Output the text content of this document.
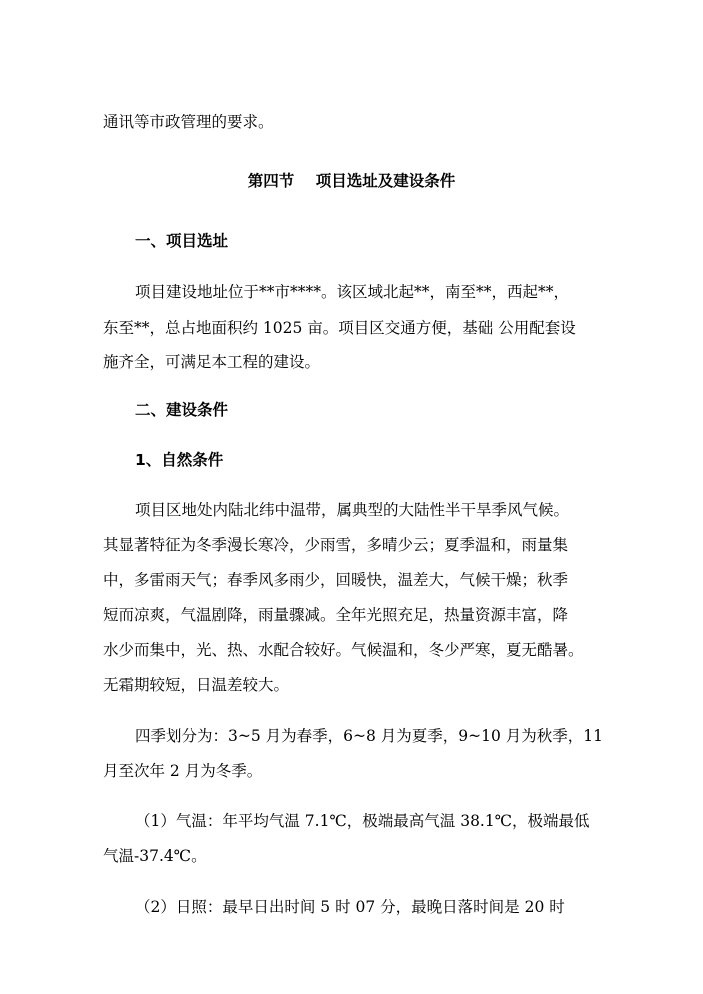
通讯等市政管理的要求。
第四节    项目选址及建设条件
一、项目选址
项目建设地址位于**市****。该区域北起**，南至**，西起**，
东至**，总占地面积约 1025 亩。项目区交通方便，基础 公用配套设
施齐全，可满足本工程的建设。
二、建设条件
1、自然条件
项目区地处内陆北纬中温带，属典型的大陆性半干旱季风气候。
其显著特征为冬季漫长寒冷，少雨雪，多晴少云；夏季温和，雨量集
中，多雷雨天气；春季风多雨少，回暖快，温差大，气候干燥；秋季
短而凉爽，气温剧降，雨量骤减。全年光照充足，热量资源丰富，降
水少而集中，光、热、水配合较好。气候温和，冬少严寒，夏无酷暑。
无霜期较短，日温差较大。
四季划分为：3~5 月为春季，6~8 月为夏季，9~10 月为秋季，11
月至次年 2 月为冬季。
（1）气温：年平均气温 7.1℃，极端最高气温 38.1℃，极端最低
气温-37.4℃。
（2）日照：最早日出时间 5 时 07 分，最晚日落时间是 20 时
